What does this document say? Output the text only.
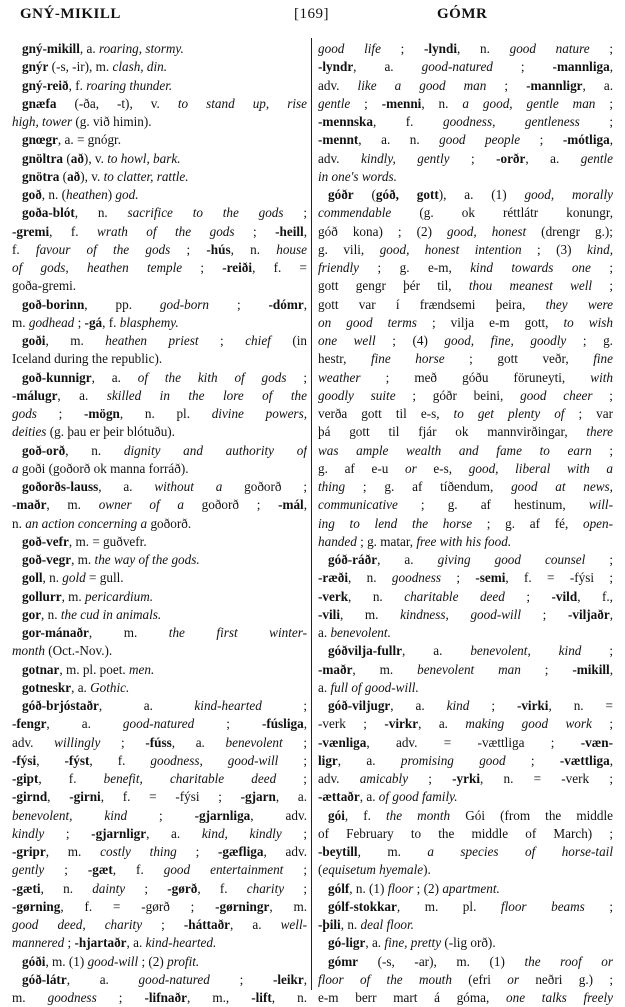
GNÝ-MIKILL	[169]	GÓMR
gný-mikill, a. roaring, stormy.
gnýr (-s, -ir), m. clash, din.
gný-reið, f. roaring thunder.
gnæfa (-ða, -t), v. to stand up, rise
high, tower (g. við himin).
gnœgr, a. = gnógr.
gnöltra (að), v. to howl, bark.
gnötra (að), v. to clatter, rattle.
goð, n. (heathen) god.
goða-blót, n. sacrifice to the gods ;
-gremi, f. wrath of the gods ; -heill,
f. favour of the gods ; -hús, n. house
of gods, heathen temple ; -reiði, f. =
goða-gremi.
goð-borinn, pp. god-born ; -dómr,
m. godhead ; -gá, f. blasphemy.
goði, m. heathen priest ; chief (in
Iceland during the republic).
goð-kunnigr, a. of the kith of gods ;
-málugr, a. skilled in the lore of the
gods ; -mögn, n. pl. divine powers,
deities (g. þau er þeir blótuðu).
goð-orð, n. dignity and authority of
a goði (goðorð ok manna forráð).
goðorðs-lauss, a. without a goðorð ;
-maðr, m. owner of a goðorð ; -mál,
n. an action concerning a goðorð.
goð-vefr, m. = guðvefr.
goð-vegr, m. the way of the gods.
goll, n. gold = gull.
gollurr, m. pericardium.
gor, n. the cud in animals.
gor-mánaðr, m. the first winter-
month (Oct.-Nov.).
gotnar, m. pl. poet. men.
gotneskr, a. Gothic.
góð-brjóstaðr, a. kind-hearted ;
-fengr, a. good-natured ; -fúsliga,
adv. willingly ; -fúss, a. benevolent ;
-fýsi, -fýst, f. goodness, good-will ;
-gipt, f. benefit, charitable deed ;
-girnd, -girni, f. = -fýsi ; -gjarn, a.
benevolent, kind ; -gjarnliga, adv.
kindly ; -gjarnligr, a. kind, kindly ;
-gripr, m. costly thing ; -gæfliga, adv.
gently ; -gæt, f. good entertainment ;
-gæti, n. dainty ; -gørð, f. charity ;
-gørning, f. = -gørð ; -gørningr, m.
good deed, charity ; -háttaðr, a. well-
mannered ; -hjartaðr, a. kind-hearted.
góði, m. (1) good-will ; (2) profit.
góð-látr, a. good-natured ; -leikr,
m. goodness ; -lifnaðr, m., -lift, n.
good life ; -lyndi, n. good nature ;
-lyndr, a. good-natured ; -mannliga,
adv. like a good man ; -mannligr, a.
gentle ; -menni, n. a good, gentle man ;
-mennska, f. goodness, gentleness ;
-mennt, a. n. good people ; -mótliga,
adv. kindly, gently ; -orðr, a. gentle
in one's words.
góðr (góð, gott), a. (1) good, morally
commendable (g. ok réttlátr konungr,
góð kona) ; (2) good, honest (drengr g.);
g. vili, good, honest intention ; (3) kind,
friendly ; g. e-m, kind towards one ;
gott gengr þér til, thou meanest well ;
gott var í frændsemi þeira, they were
on good terms ; vilja e-m gott, to wish
one well ; (4) good, fine, goodly ; g.
hestr, fine horse ; gott veðr, fine
weather ; með góðu föruneyti, with
goodly suite ; góðr beini, good cheer ;
verða gott til e-s, to get plenty of ; var
þá gott til fjár ok mannvirðingar, there
was ample wealth and fame to earn ;
g. af e-u or e-s, good, liberal with a
thing ; g. af tíðendum, good at news,
communicative ; g. af hestinum, will-
ing to lend the horse ; g. af fé, open-
handed ; g. matar, free with his food.
góð-ráðr, a. giving good counsel ;
-ræði, n. goodness ; -semi, f. = -fýsi ;
-verk, n. charitable deed ; -vild, f.,
-vili, m. kindness, good-will ; -viljaðr,
a. benevolent.
góðvilja-fullr, a. benevolent, kind ;
-maðr, m. benevolent man ; -mikill,
a. full of good-will.
góð-viljugr, a. kind ; -virki, n. =
-verk ; -virkr, a. making good work ;
-vænliga, adv. = -vættliga ; -væn-
ligr, a. promising good ; -vættliga,
adv. amicably ; -yrki, n. = -verk ;
-ættaðr, a. of good family.
gói, f. the month Gói (from the middle
of February to the middle of March) ;
-beytill, m. a species of horse-tail
(equisetum hyemale).
gólf, n. (1) floor ; (2) apartment.
gólf-stokkar, m. pl. floor beams ;
-þili, n. deal floor.
gó-ligr, a. fine, pretty (-lig orð).
gómr (-s, -ar), m. (1) the roof or
floor of the mouth (efri or neðri g.) ;
e-m berr mart á góma, one talks freely
